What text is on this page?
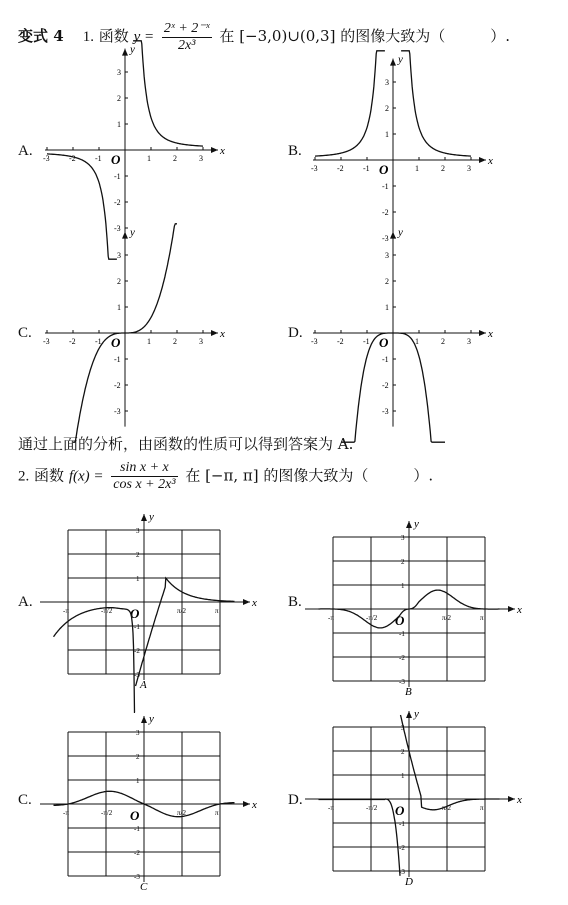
变式 4 1. 函数 $y = \frac{\text{2ˣ + 2⁻ˣ}}{\text{2x³}}$ 在 [−3,0)∪(0,3] 的图像大致为（　　　）.
A.	B.
C.	D.
x
y
O
-3 -2 -1	1	2	3
1
2
3
-1
-2
-3
x
y
O
-3 -2 -1	1	2	3
1
2
3
-1
-2
-3
x
y
O
-3 -2 -1	1	2	3
1
2
3
-1
-2
-3
x
y
O
-3 -2 -1	1	2	3
1
2
3
-1
-2
-3
通过上面的分析，由函数的性质可以得到答案为 A.
2. 函数 $f(x) = \frac{\text{sin x + x}}{\text{cos x + 2x³}}$ 在 [−π, π] 的图像大致为（　　　）.
A.	B.
C.	D.
x
y
O
-π	-π/2	π/2	π
1
2
3
-1
-2
-3
A
x
y
O
-π	-π/2	π/2	π
1
2
3
-1
-2
-3
B
x
y
O
-π	-π/2	π/2	π
1
2
3
-1
-2
-3
C
x
y
O
-π	-π/2	π/2	π
1
2
3
-1
-2
-3
D
